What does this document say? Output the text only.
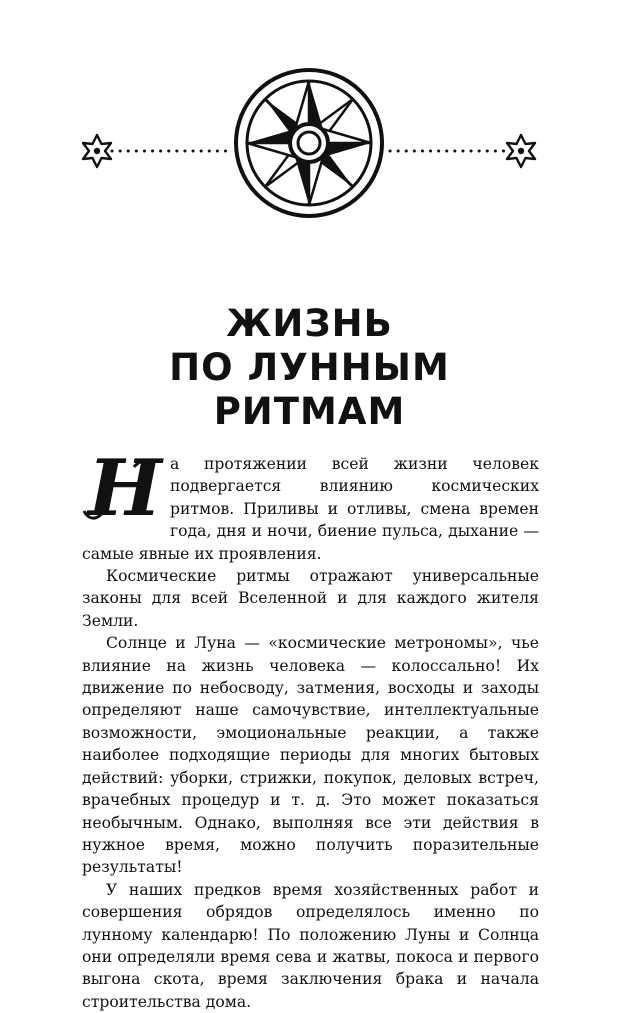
ЖИЗНЬ
ПО ЛУННЫМ
РИТМАМ

Н а протяжении всей жизни человек подвергается влиянию космических ритмов. Приливы и отливы, смена времен года, дня и ночи, биение пульса, дыхание — самые явные их проявления.

Космические ритмы отражают универсальные законы для всей Вселенной и для каждого жителя Земли.

Солнце и Луна — «космические метрономы», чье влияние на жизнь человека — колоссально! Их движение по небосводу, затмения, восходы и заходы определяют наше самочувствие, интеллектуальные возможности, эмоциональные реакции, а также наиболее подходящие периоды для многих бытовых действий: уборки, стрижки, покупок, деловых встреч, врачебных процедур и т. д. Это может показаться необычным. Однако, выполняя все эти действия в нужное время, можно получить поразительные результаты!

У наших предков время хозяйственных работ и совершения обрядов определялось именно по лунному календарю! По положению Луны и Солнца они определяли время сева и жатвы, покоса и первого выгона скота, время заключения брака и начала строительства дома.
